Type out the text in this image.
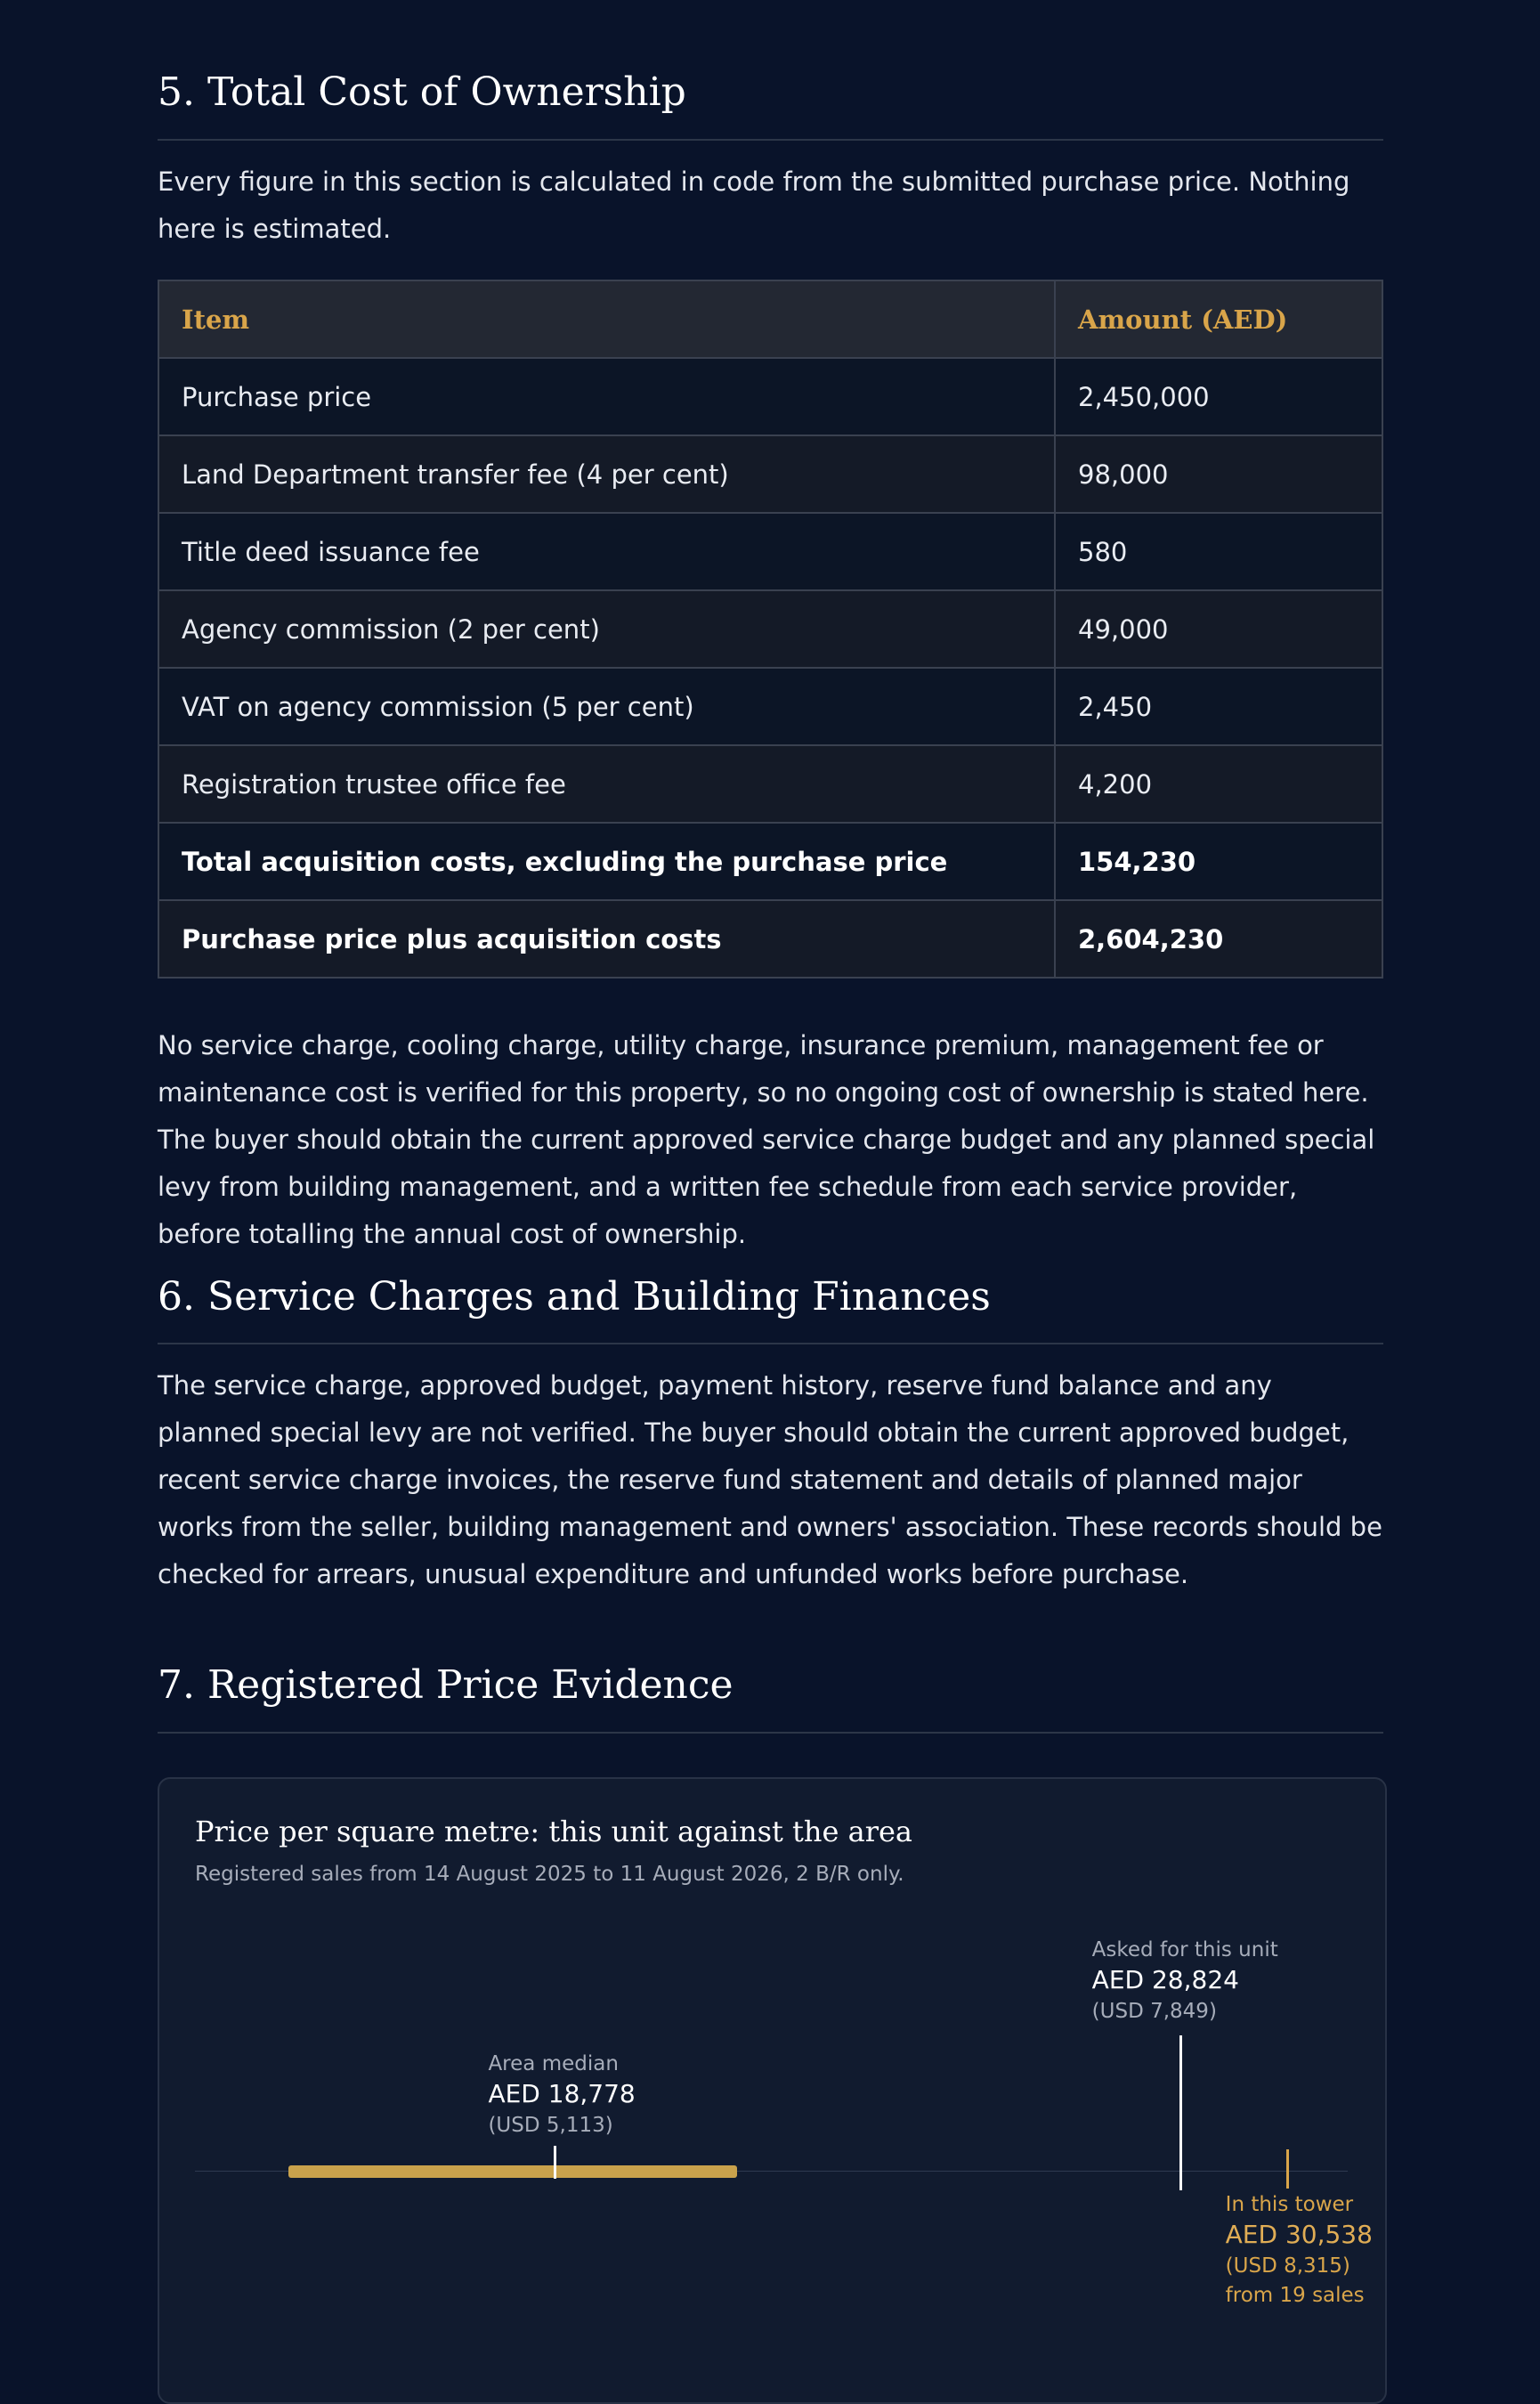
5. Total Cost of Ownership

Every figure in this section is calculated in code from the submitted purchase price. Nothing here is estimated.

Item	Amount (AED)
Purchase price	2,450,000
Land Department transfer fee (4 per cent)	98,000
Title deed issuance fee	580
Agency commission (2 per cent)	49,000
VAT on agency commission (5 per cent)	2,450
Registration trustee office fee	4,200
Total acquisition costs, excluding the purchase price	154,230
Purchase price plus acquisition costs	2,604,230

No service charge, cooling charge, utility charge, insurance premium, management fee or maintenance cost is verified for this property, so no ongoing cost of ownership is stated here. The buyer should obtain the current approved service charge budget and any planned special levy from building management, and a written fee schedule from each service provider, before totalling the annual cost of ownership.

6. Service Charges and Building Finances

The service charge, approved budget, payment history, reserve fund balance and any planned special levy are not verified. The buyer should obtain the current approved budget, recent service charge invoices, the reserve fund statement and details of planned major works from the seller, building management and owners' association. These records should be checked for arrears, unusual expenditure and unfunded works before purchase.

7. Registered Price Evidence
Price per square metre: this unit against the area
Registered sales from 14 August 2025 to 11 August 2026, 2 B/R only.
Area median
AED 18,778
(USD 5,113)
Asked for this unit
AED 28,824
(USD 7,849)
In this tower
AED 30,538
(USD 8,315)
from 19 sales
